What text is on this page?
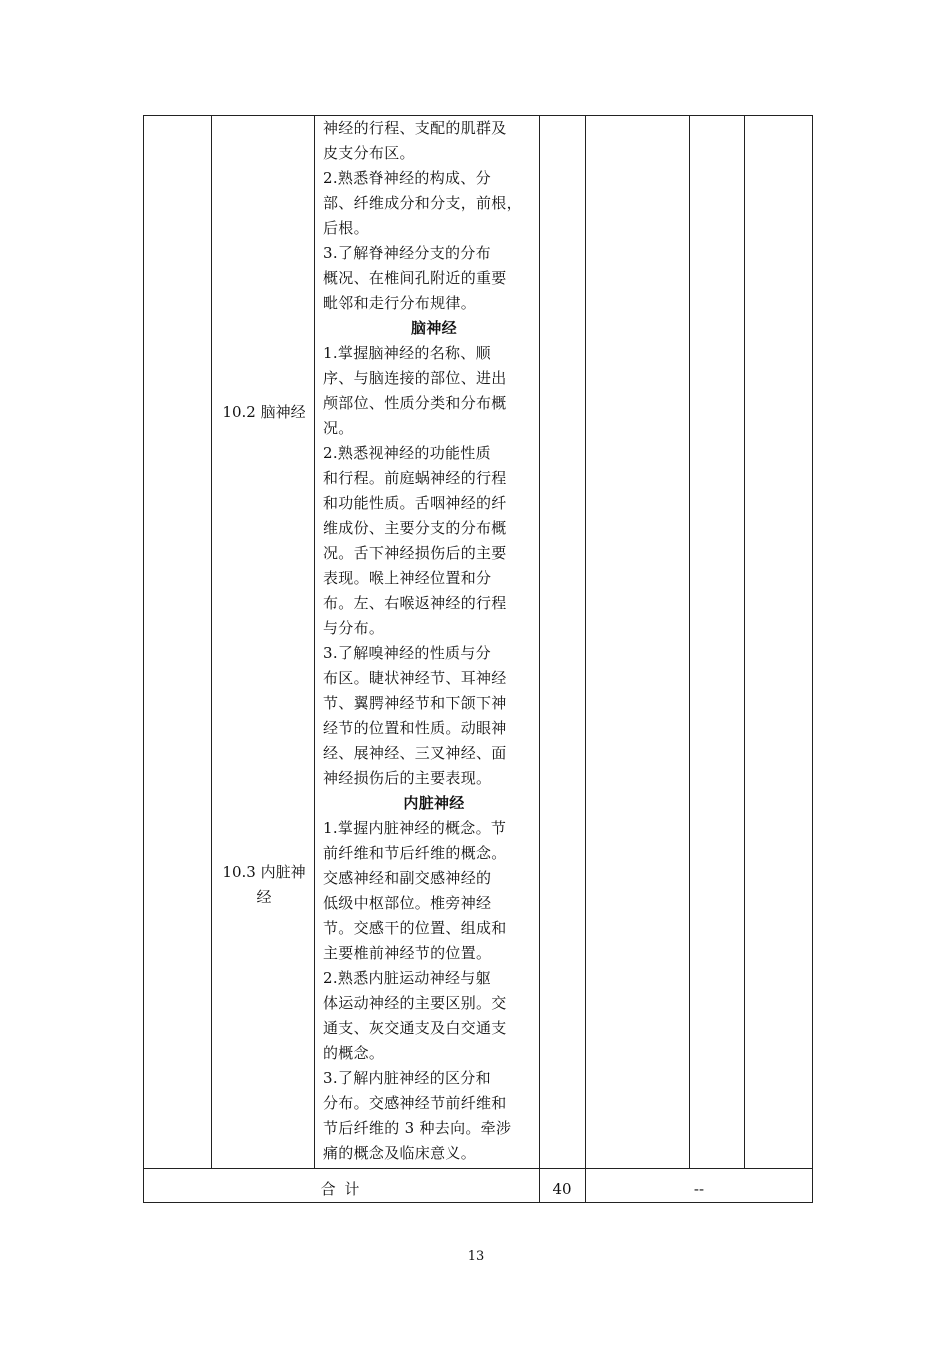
10.2 脑神经
10.3 内脏神经

神经的行程、支配的肌群及

皮支分布区。

2.熟悉脊神经的构成、分

部、纤维成分和分支，前根，

后根。

3.了解脊神经分支的分布

概况、在椎间孔附近的重要

毗邻和走行分布规律。

脑神经

1.掌握脑神经的名称、顺

序、与脑连接的部位、进出

颅部位、性质分类和分布概

况。

2.熟悉视神经的功能性质

和行程。前庭蜗神经的行程

和功能性质。舌咽神经的纤

维成份、主要分支的分布概

况。舌下神经损伤后的主要

表现。喉上神经位置和分

布。左、右喉返神经的行程

与分布。

3.了解嗅神经的性质与分

布区。睫状神经节、耳神经

节、翼腭神经节和下颌下神

经节的位置和性质。动眼神

经、展神经、三叉神经、面

神经损伤后的主要表现。

内脏神经

1.掌握内脏神经的概念。节

前纤维和节后纤维的概念。

交感神经和副交感神经的

低级中枢部位。椎旁神经

节。交感干的位置、组成和

主要椎前神经节的位置。

2.熟悉内脏运动神经与躯

体运动神经的主要区别。交

通支、灰交通支及白交通支

的概念。

3.了解内脏神经的区分和

分布。交感神经节前纤维和

节后纤维的 3 种去向。牵涉

痛的概念及临床意义。

合 计	40	--
13
